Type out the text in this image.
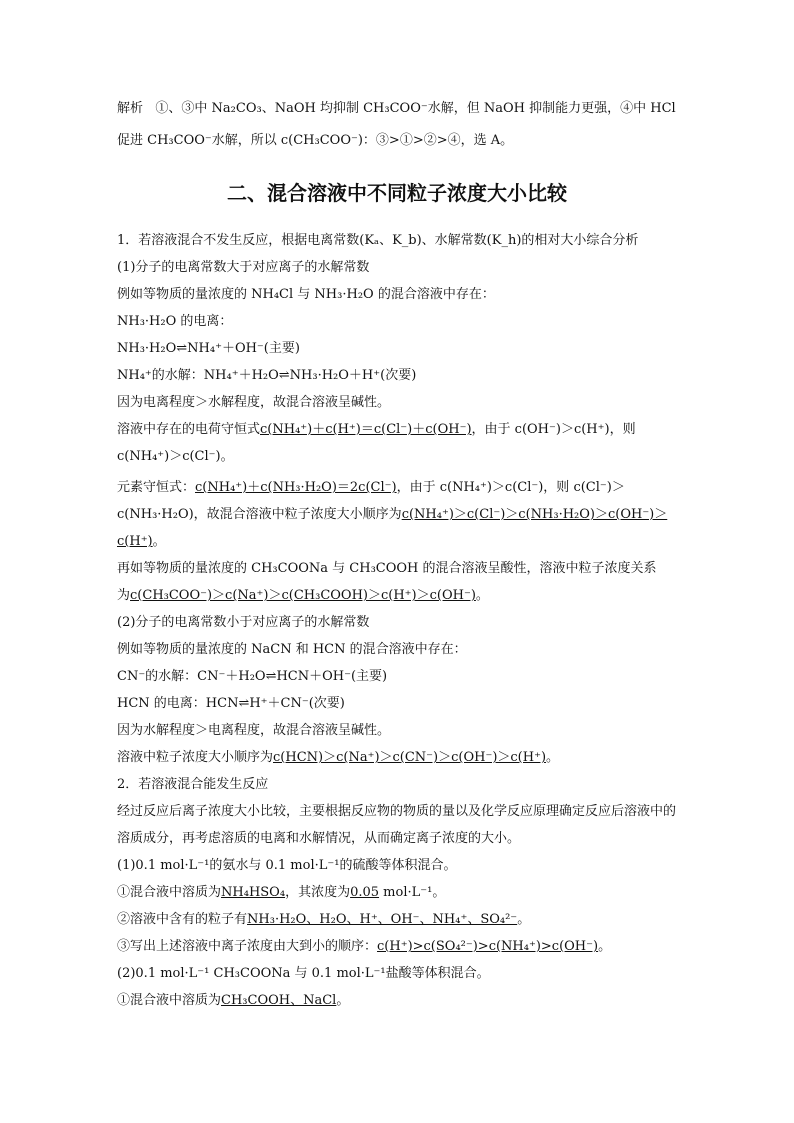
解析 ①、③中 Na₂CO₃、NaOH 均抑制 CH₃COO⁻水解，但 NaOH 抑制能力更强，④中 HCl

促进 CH₃COO⁻水解，所以 c(CH₃COO⁻)：③>①>②>④，选 A。

二、混合溶液中不同粒子浓度大小比较

1．若溶液混合不发生反应，根据电离常数(Kₐ、K_b)、水解常数(K_h)的相对大小综合分析

(1)分子的电离常数大于对应离子的水解常数

例如等物质的量浓度的 NH₄Cl 与 NH₃·H₂O 的混合溶液中存在：

NH₃·H₂O 的电离：

NH₃·H₂O⇌NH₄⁺＋OH⁻(主要)

NH₄⁺的水解：NH₄⁺＋H₂O⇌NH₃·H₂O＋H⁺(次要)

因为电离程度＞水解程度，故混合溶液呈碱性。

溶液中存在的电荷守恒式c(NH₄⁺)＋c(H⁺)＝c(Cl⁻)＋c(OH⁻)，由于 c(OH⁻)＞c(H⁺)，则 c(NH₄⁺)＞c(Cl⁻)。

元素守恒式：c(NH₄⁺)＋c(NH₃·H₂O)＝2c(Cl⁻)，由于 c(NH₄⁺)＞c(Cl⁻)，则 c(Cl⁻)＞c(NH₃·H₂O)，故混合溶液中粒子浓度大小顺序为c(NH₄⁺)＞c(Cl⁻)＞c(NH₃·H₂O)＞c(OH⁻)＞c(H⁺)。

再如等物质的量浓度的 CH₃COONa 与 CH₃COOH 的混合溶液呈酸性，溶液中粒子浓度关系

为c(CH₃COO⁻)＞c(Na⁺)＞c(CH₃COOH)＞c(H⁺)＞c(OH⁻)。

(2)分子的电离常数小于对应离子的水解常数

例如等物质的量浓度的 NaCN 和 HCN 的混合溶液中存在：

CN⁻的水解：CN⁻＋H₂O⇌HCN＋OH⁻(主要)

HCN 的电离：HCN⇌H⁺＋CN⁻(次要)

因为水解程度＞电离程度，故混合溶液呈碱性。

溶液中粒子浓度大小顺序为c(HCN)＞c(Na⁺)＞c(CN⁻)＞c(OH⁻)＞c(H⁺)。

2．若溶液混合能发生反应

经过反应后离子浓度大小比较，主要根据反应物的物质的量以及化学反应原理确定反应后溶液中的溶质成分，再考虑溶质的电离和水解情况，从而确定离子浓度的大小。

(1)0.1 mol·L⁻¹的氨水与 0.1 mol·L⁻¹的硫酸等体积混合。

①混合液中溶质为NH₄HSO₄，其浓度为0.05 mol·L⁻¹。

②溶液中含有的粒子有NH₃·H₂O、H₂O、H⁺、OH⁻、NH₄⁺、SO₄²⁻。

③写出上述溶液中离子浓度由大到小的顺序：c(H⁺)>c(SO₄²⁻)>c(NH₄⁺)>c(OH⁻)。

(2)0.1 mol·L⁻¹ CH₃COONa 与 0.1 mol·L⁻¹盐酸等体积混合。

①混合液中溶质为CH₃COOH、NaCl。
